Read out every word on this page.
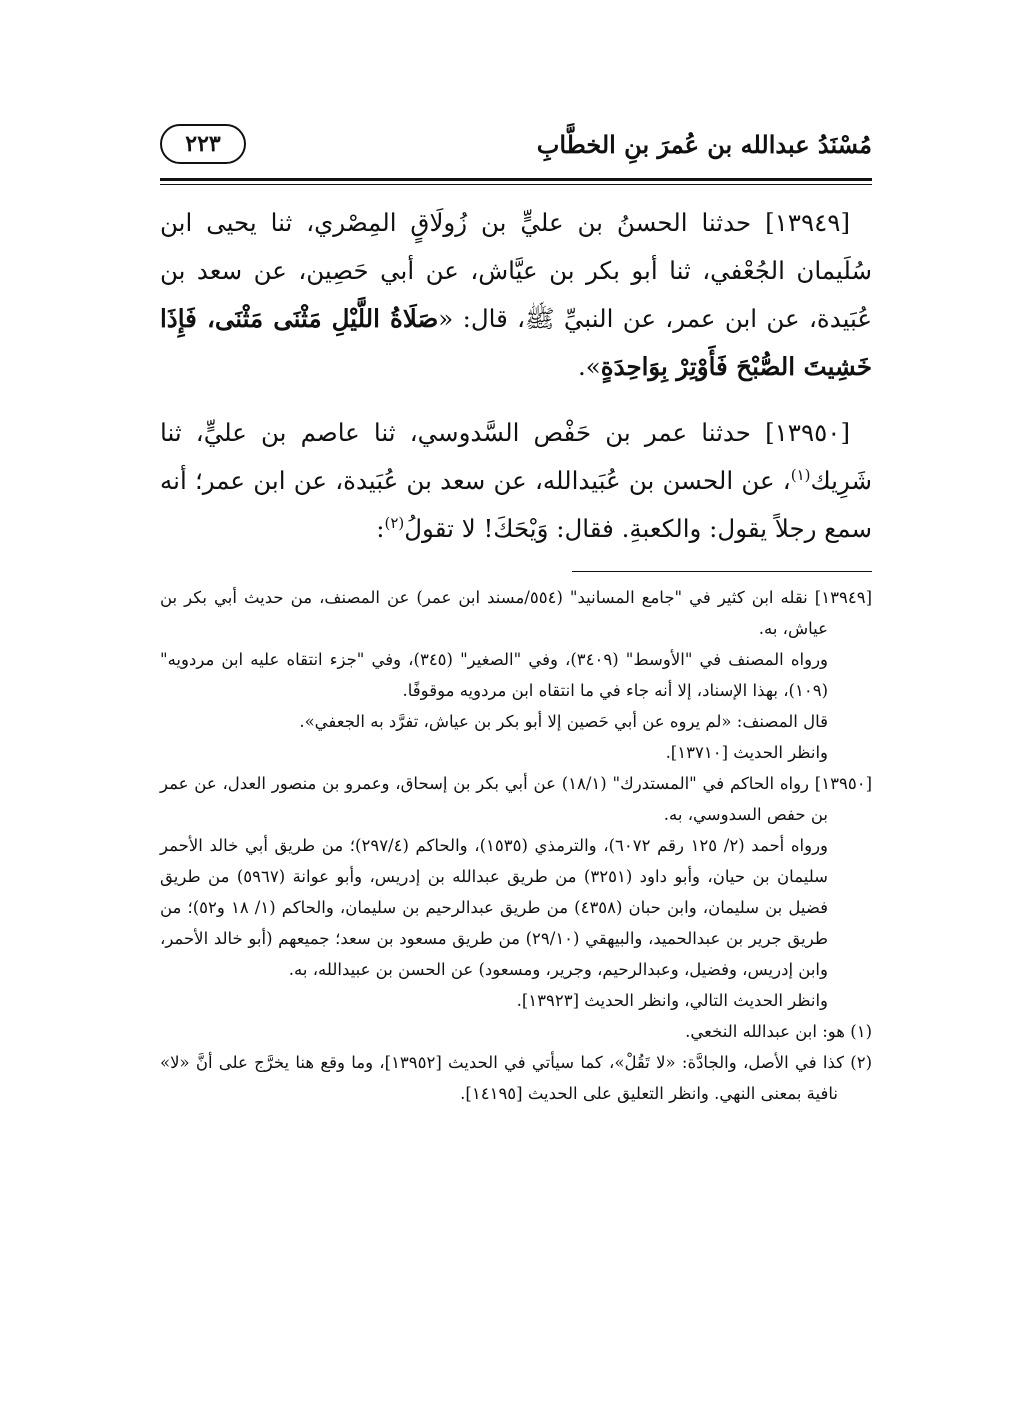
مُسْنَدُ عبدالله بن عُمرَ بنِ الخطَّابِ
٢٢٣

[١٣٩٤٩] حدثنا الحسنُ بن عليٍّ بن زُولَاقٍ المِصْري، ثنا يحيى ابن سُلَيمان الجُعْفي، ثنا أبو بكر بن عيَّاش، عن أبي حَصِين، عن سعد بن عُبَيدة، عن ابن عمر، عن النبيِّ ﷺ، قال: «صَلَاةُ اللَّيْلِ مَثْنَى مَثْنَى، فَإِذَا خَشِيتَ الصُّبْحَ فَأَوْتِرْ بِوَاحِدَةٍ».

[١٣٩٥٠] حدثنا عمر بن حَفْص السَّدوسي، ثنا عاصم بن عليٍّ، ثنا شَرِيك$^{(١)}$، عن الحسن بن عُبَيدالله، عن سعد بن عُبَيدة، عن ابن عمر؛ أنه سمع رجلاً يقول: والكعبةِ. فقال: وَيْحَكَ! لا تقولُ$^{(٢)}$:

[١٣٩٤٩] نقله ابن كثير في "جامع المسانيد" (٥٥٤/مسند ابن عمر) عن المصنف، من حديث أبي بكر بن عياش، به.

ورواه المصنف في "الأوسط" (٣٤٠٩)، وفي "الصغير" (٣٤٥)، وفي "جزء انتقاه عليه ابن مردويه" (١٠٩)، بهذا الإسناد، إلا أنه جاء في ما انتقاه ابن مردويه موقوفًا.

قال المصنف: «لم يروه عن أبي حَصين إلا أبو بكر بن عياش، تفرَّد به الجعفي».

وانظر الحديث [١٣٧١٠].

[١٣٩٥٠] رواه الحاكم في "المستدرك" (١٨/١) عن أبي بكر بن إسحاق، وعمرو بن منصور العدل، عن عمر بن حفص السدوسي، به.

ورواه أحمد (٢/ ١٢٥ رقم ٦٠٧٢)، والترمذي (١٥٣٥)، والحاكم (٢٩٧/٤)؛ من طريق أبي خالد الأحمر سليمان بن حيان، وأبو داود (٣٢٥١) من طريق عبدالله بن إدريس، وأبو عوانة (٥٩٦٧) من طريق فضيل بن سليمان، وابن حبان (٤٣٥٨) من طريق عبدالرحيم بن سليمان، والحاكم (١/ ١٨ و٥٢)؛ من طريق جرير بن عبدالحميد، والبيهقي (٢٩/١٠) من طريق مسعود بن سعد؛ جميعهم (أبو خالد الأحمر، وابن إدريس، وفضيل، وعبدالرحيم، وجرير، ومسعود) عن الحسن بن عبيدالله، به.

وانظر الحديث التالي، وانظر الحديث [١٣٩٢٣].

(١) هو: ابن عبدالله النخعي.

(٢) كذا في الأصل، والجادَّة: «لا تَقُلْ»، كما سيأتي في الحديث [١٣٩٥٢]، وما وقع هنا يخرَّج على أنَّ «لا» نافية بمعنى النهي. وانظر التعليق على الحديث [١٤١٩٥].
